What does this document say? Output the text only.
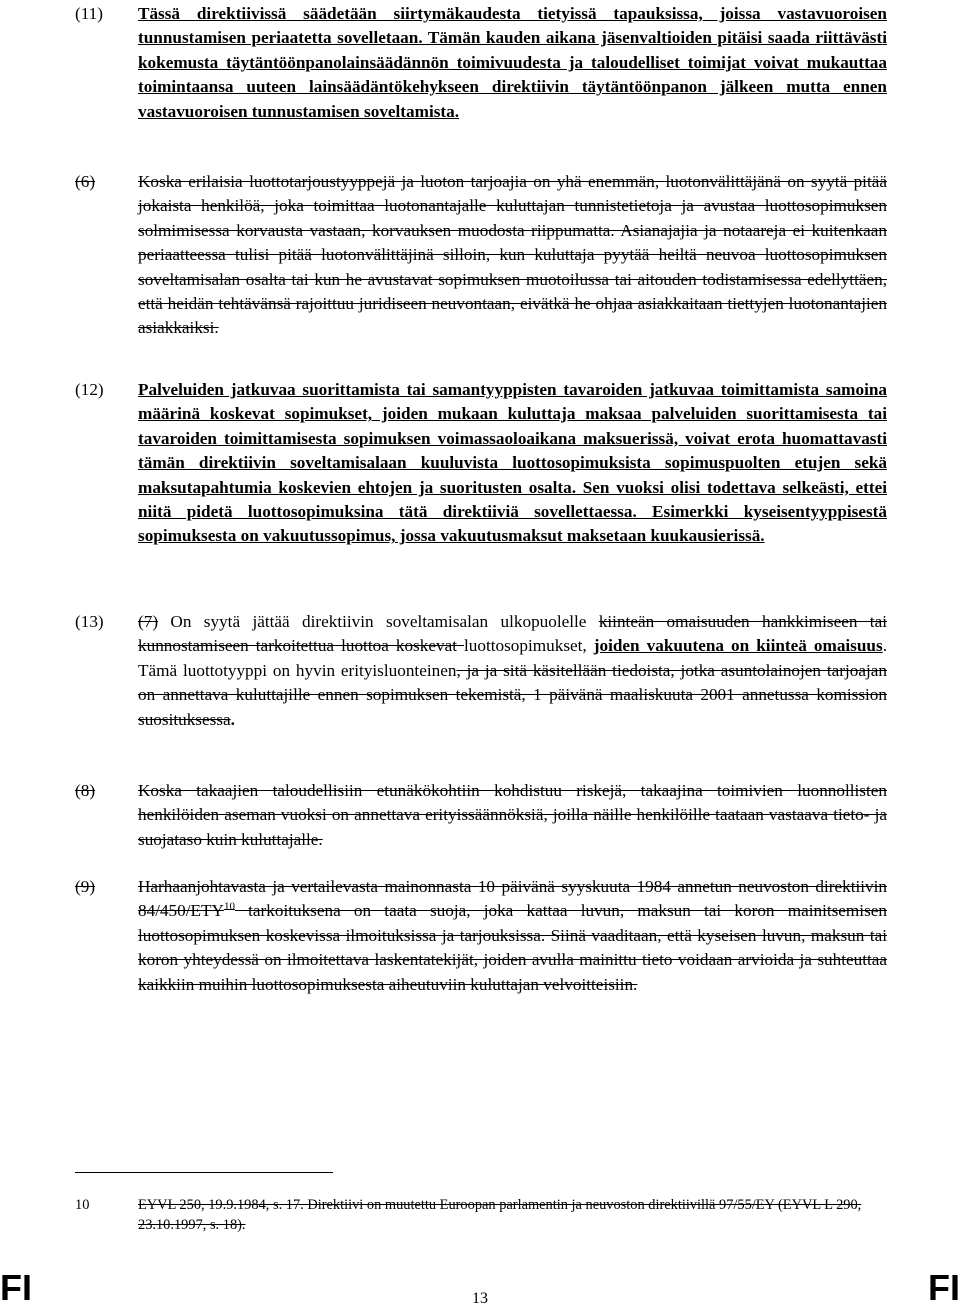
(11)	Tässä direktiivissä säädetään siirtymäkaudesta tietyissä tapauksissa, joissa vastavuoroisen tunnustamisen periaatetta sovelletaan. Tämän kauden aikana jäsenvaltioiden pitäisi saada riittävästi kokemusta täytäntöönpanolainsäädännön toimivuudesta ja taloudelliset toimijat voivat mukauttaa toimintaansa uuteen lainsäädäntökehykseen direktiivin täytäntöönpanon jälkeen mutta ennen vastavuoroisen tunnustamisen soveltamista.
(6)	Koska erilaisia luottotarjoustyyppejä ja luoton tarjoajia on yhä enemmän, luotonvälittäjänä on syytä pitää jokaista henkilöä, joka toimittaa luotonantajalle kuluttajan tunnistetietoja ja avustaa luottosopimuksen solmimisessa korvausta vastaan, korvauksen muodosta riippumatta. Asianajajia ja notaareja ei kuitenkaan periaatteessa tulisi pitää luotonvälittäjinä silloin, kun kuluttaja pyytää heiltä neuvoa luottosopimuksen soveltamisalan osalta tai kun he avustavat sopimuksen muotoilussa tai aitouden todistamisessa edellyttäen, että heidän tehtävänsä rajoittuu juridiseen neuvontaan, eivätkä he ohjaa asiakkaitaan tiettyjen luotonantajien asiakkaiksi.
(12)	Palveluiden jatkuvaa suorittamista tai samantyyppisten tavaroiden jatkuvaa toimittamista samoina määrinä koskevat sopimukset, joiden mukaan kuluttaja maksaa palveluiden suorittamisesta tai tavaroiden toimittamisesta sopimuksen voimassaoloaikana maksuerissä, voivat erota huomattavasti tämän direktiivin soveltamisalaan kuuluvista luottosopimuksista sopimuspuolten etujen sekä maksutapahtumia koskevien ehtojen ja suoritusten osalta. Sen vuoksi olisi todettava selkeästi, ettei niitä pidetä luottosopimuksina tätä direktiiviä sovellettaessa. Esimerkki kyseisentyyppisestä sopimuksesta on vakuutussopimus, jossa vakuutusmaksut maksetaan kuukausierissä.
(13)	(7) On syytä jättää direktiivin soveltamisalan ulkopuolelle kiinteän omaisuuden hankkimiseen tai kunnostamiseen tarkoitettua luottoa koskevat luottosopimukset, joiden vakuutena on kiinteä omaisuus. Tämä luottotyyppi on hyvin erityisluonteinen, ja ja sitä käsitellään tiedoista, jotka asuntolainojen tarjoajan on annettava kuluttajille ennen sopimuksen tekemistä, 1 päivänä maaliskuuta 2001 annetussa komission suosituksessa.
(8)	Koska takaajien taloudellisiin etunäkökohtiin kohdistuu riskejä, takaajina toimivien luonnollisten henkilöiden aseman vuoksi on annettava erityissäännöksiä, joilla näille henkilöille taataan vastaava tieto- ja suojataso kuin kuluttajalle.
(9)	Harhaanjohtavasta ja vertailevasta mainonnasta 10 päivänä syyskuuta 1984 annetun neuvoston direktiivin 84/450/ETY$^{10}$ tarkoituksena on taata suoja, joka kattaa luvun, maksun tai koron mainitsemisen luottosopimuksen koskevissa ilmoituksissa ja tarjouksissa. Siinä vaaditaan, että kyseisen luvun, maksun tai koron yhteydessä on ilmoitettava laskentatekijät, joiden avulla mainittu tieto voidaan arvioida ja suhteuttaa kaikkiin muihin luottosopimuksesta aiheutuviin kuluttajan velvoitteisiin.
10	EYVL 250, 19.9.1984, s. 17. Direktiivi on muutettu Euroopan parlamentin ja neuvoston direktiivillä 97/55/EY (EYVL L 290, 23.10.1997, s. 18).
FI	13	FI
